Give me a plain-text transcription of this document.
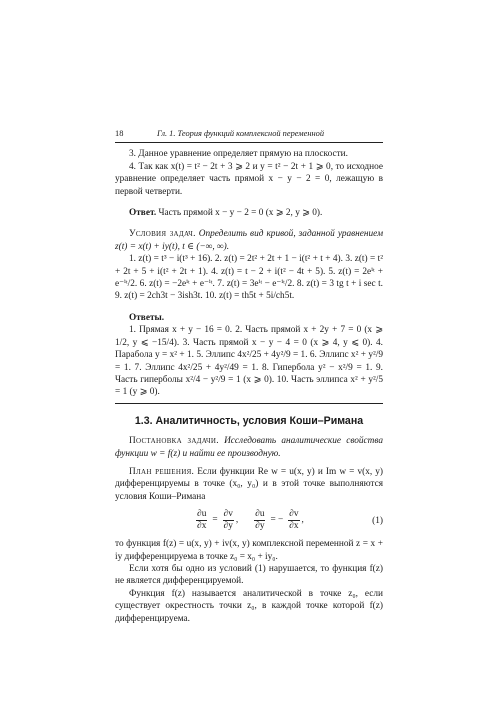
18	Гл. 1. Теория функций комплексной переменной

3. Данное уравнение определяет прямую на плоскости.

4. Так как x(t) = t² − 2t + 3 ⩾ 2 и y = t² − 2t + 1 ⩾ 0, то исходное уравнение определяет часть прямой x − y − 2 = 0, лежащую в первой четверти.

Ответ. Часть прямой x − y − 2 = 0 (x ⩾ 2, y ⩾ 0).

Условия задач. Определить вид кривой, заданной уравнением z(t) = x(t) + iy(t), t ∈ (−∞, ∞).

1. z(t) = t³ − i(t³ + 16). 2. z(t) = 2t² + 2t + 1 − i(t² + t + 4). 3. z(t) = t² + 2t + 5 + i(t² + 2t + 1). 4. z(t) = t − 2 + i(t² − 4t + 5). 5. z(t) = 2eⁱᵗ + e⁻ⁱᵗ/2. 6. z(t) = −2eⁱᵗ + e⁻ⁱᵗ. 7. z(t) = 3eⁱᵗ − e⁻ⁱᵗ/2. 8. z(t) = 3 tg t + i sec t. 9. z(t) = 2ch3t − 3ish3t. 10. z(t) = th5t + 5i/ch5t.

Ответы.

1. Прямая x + y − 16 = 0. 2. Часть прямой x + 2y + 7 = 0 (x ⩾ 1/2, y ⩽ −15/4). 3. Часть прямой x − y − 4 = 0 (x ⩾ 4, y ⩽ 0). 4. Парабола y = x² + 1. 5. Эллипс 4x²/25 + 4y²/9 = 1. 6. Эллипс x² + y²/9 = 1. 7. Эллипс 4x²/25 + 4y²/49 = 1. 8. Гипербола y² − x²/9 = 1. 9. Часть гиперболы x²/4 − y²/9 = 1 (x ⩾ 0). 10. Часть эллипса x² + y²/5 = 1 (y ⩾ 0).

1.3. Аналитичность, условия Коши–Римана

Постановка задачи. Исследовать аналитические свойства функции w = f(z) и найти ее производную.

План решения. Если функции Re w = u(x, y) и Im w = v(x, y) дифференцируемы в точке (x₀, y₀) и в этой точке выполняются условия Коши–Римана

$\frac{\partial u}{\partial x} = \frac{\partial v}{\partial y}$ , $\frac{\partial u}{\partial y}$ = − $\frac{\partial v}{\partial x}$ ,	(1)

то функция f(z) = u(x, y) + iv(x, y) комплексной переменной z = x + iy дифференцируема в точке z₀ = x₀ + iy₀.

Если хотя бы одно из условий (1) нарушается, то функция f(z) не является дифференцируемой.

Функция f(z) называется аналитической в точке z₀, если существует окрестность точки z₀, в каждой точке которой f(z) дифференцируема.
